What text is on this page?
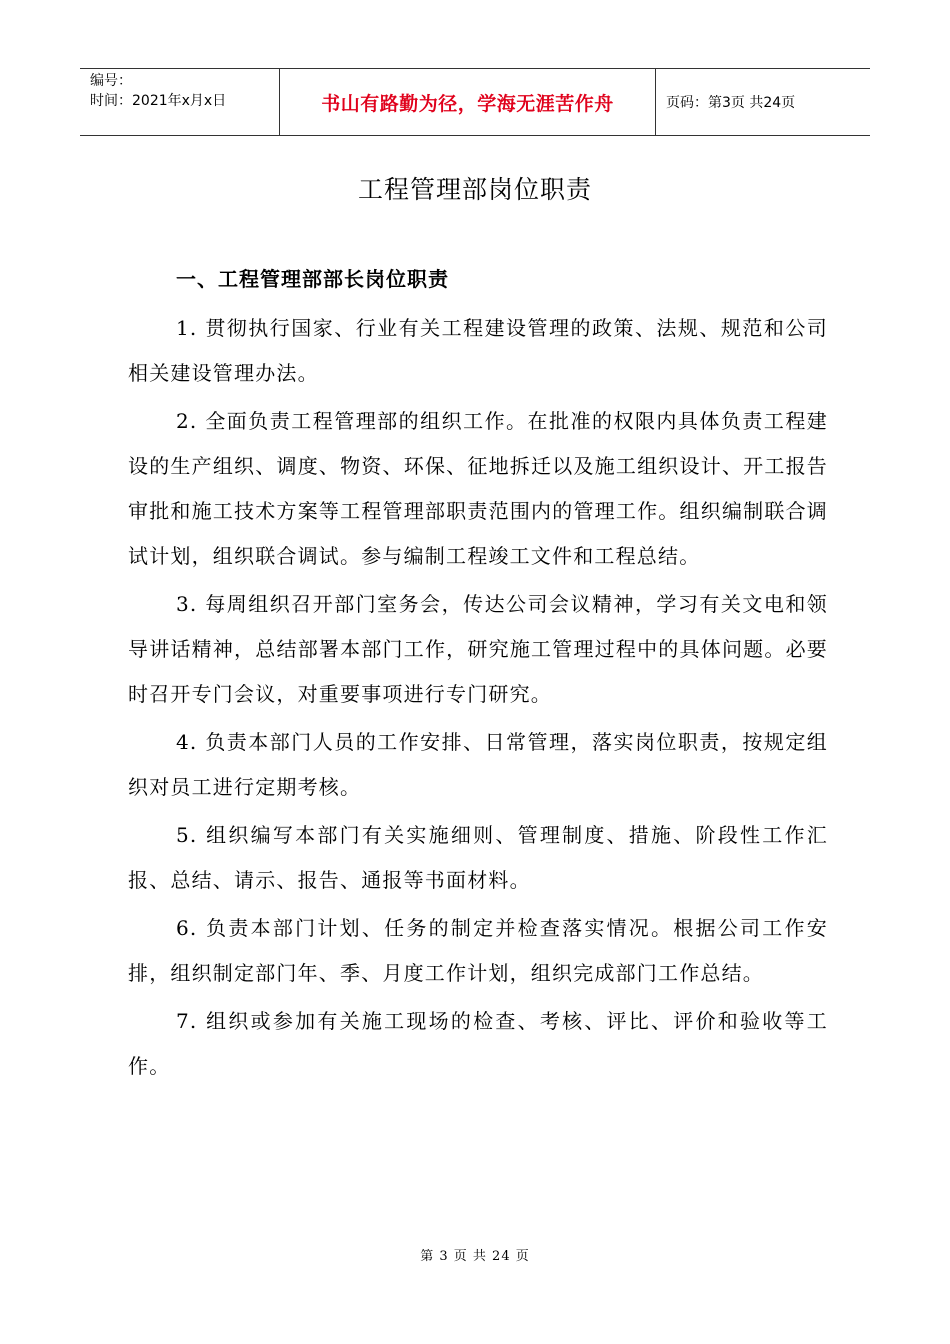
编号：
时间：2021年x月x日	书山有路勤为径，学海无涯苦作舟	页码：第3页 共24页
工程管理部岗位职责

一、工程管理部部长岗位职责

1. 贯彻执行国家、行业有关工程建设管理的政策、法规、规范和公司相关建设管理办法。

2. 全面负责工程管理部的组织工作。在批准的权限内具体负责工程建设的生产组织、调度、物资、环保、征地拆迁以及施工组织设计、开工报告审批和施工技术方案等工程管理部职责范围内的管理工作。组织编制联合调试计划，组织联合调试。参与编制工程竣工文件和工程总结。

3. 每周组织召开部门室务会，传达公司会议精神，学习有关文电和领导讲话精神，总结部署本部门工作，研究施工管理过程中的具体问题。必要时召开专门会议，对重要事项进行专门研究。

4. 负责本部门人员的工作安排、日常管理，落实岗位职责，按规定组织对员工进行定期考核。

5. 组织编写本部门有关实施细则、管理制度、措施、阶段性工作汇报、总结、请示、报告、通报等书面材料。

6. 负责本部门计划、任务的制定并检查落实情况。根据公司工作安排，组织制定部门年、季、月度工作计划，组织完成部门工作总结。

7. 组织或参加有关施工现场的检查、考核、评比、评价和验收等工作。

第 3 页 共 24 页
